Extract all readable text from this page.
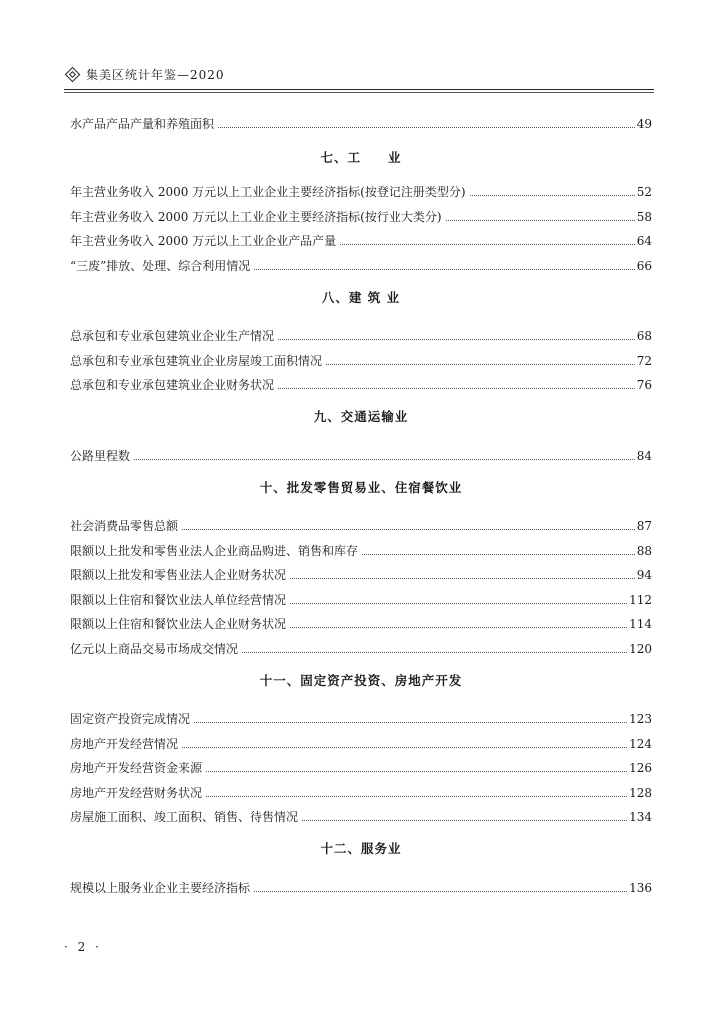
集美区统计年鉴—2020
水产品产品产量和养殖面积	49
七、工　　业
年主营业务收入 2000 万元以上工业企业主要经济指标(按登记注册类型分)	52
年主营业务收入 2000 万元以上工业企业主要经济指标(按行业大类分)	58
年主营业务收入 2000 万元以上工业企业产品产量	64
“三废”排放、处理、综合利用情况	66
八、建 筑 业
总承包和专业承包建筑业企业生产情况	68
总承包和专业承包建筑业企业房屋竣工面积情况	72
总承包和专业承包建筑业企业财务状况	76
九、交通运输业
公路里程数	84
十、批发零售贸易业、住宿餐饮业
社会消费品零售总额	87
限额以上批发和零售业法人企业商品购进、销售和库存	88
限额以上批发和零售业法人企业财务状况	94
限额以上住宿和餐饮业法人单位经营情况	112
限额以上住宿和餐饮业法人企业财务状况	114
亿元以上商品交易市场成交情况	120
十一、固定资产投资、房地产开发
固定资产投资完成情况	123
房地产开发经营情况	124
房地产开发经营资金来源	126
房地产开发经营财务状况	128
房屋施工面积、竣工面积、销售、待售情况	134
十二、服务业
规模以上服务业企业主要经济指标	136
· 2 ·
